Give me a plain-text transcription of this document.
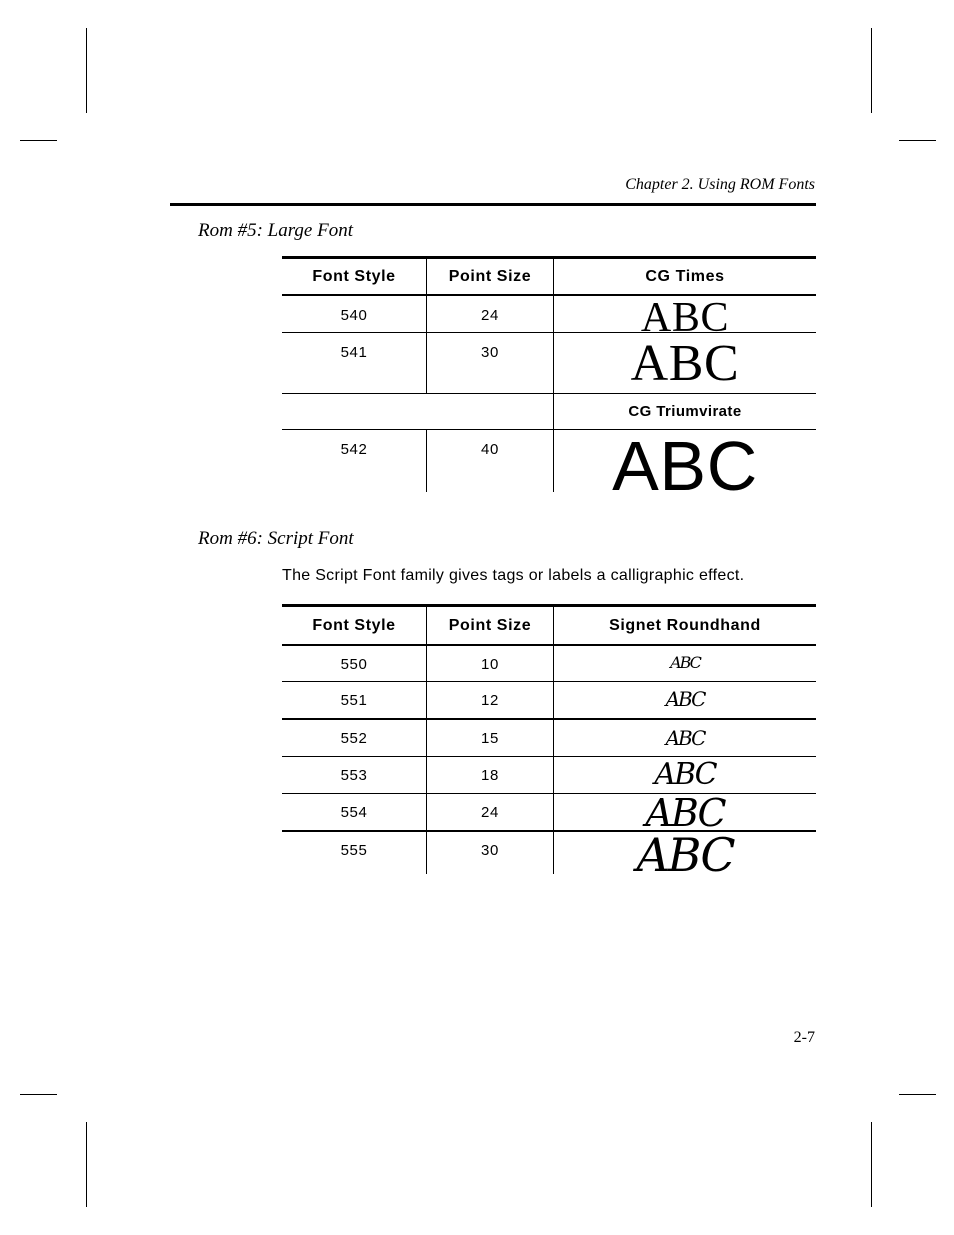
Chapter 2. Using ROM Fonts
Rom #5: Large Font
Font Style	Point Size	CG Times
540	24	ABC
541	30	ABC
CG Triumvirate
542	40	ABC
Rom #6: Script Font
The Script Font family gives tags or labels a calligraphic effect.
Font Style	Point Size	Signet Roundhand
550	10	ABC
551	12	ABC
552	15	ABC
553	18	ABC
554	24	ABC
555	30	ABC
2-7
